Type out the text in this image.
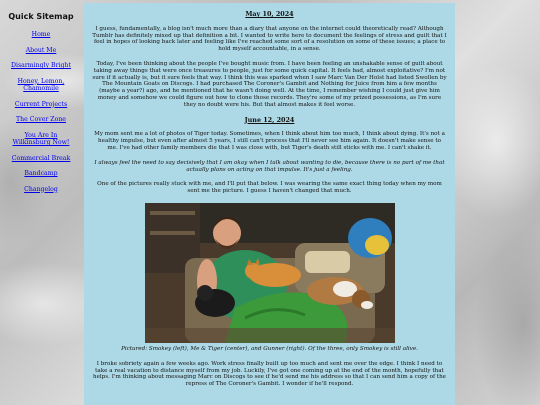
Quick Sitemap
Home
About Me
Disarmingly Bright
Honey, Lemon, Chamomile
Current Projects
The Cover Zone
You Are In Wilkinsburg Now!
Commercial Break
Bandcamp
Changelog
May 10, 2024

I guess, fundamentally, a blog isn't much more than a diary that anyone on the internet could theoretically read? Although Tumblr has definitely mixed up that definition a bit. I wanted to write here to document the feelings of stress and guilt that I feel in hopes of looking back later and feeling like I've reached some sort of a resolution on some of these issues; a place to hold myself accountable, in a sense.

Today, I've been thinking about the people I've bought music from. I have been feeling an unshakable sense of guilt about taking away things that were once treasures to people, just for some quick capital. It feels bad, almost exploitative? I'm not sure if it actually is, but it sure feels that way. I think this was sparked when I saw Marc Van Der Holst had listed Swollen by The Mountain Goats on Discogs. I had purchased The Coroner's Gambit and Nothing for Juice from him a few months (maybe a year?) ago, and he mentioned that he wasn't doing well. At the time, I remember wishing I could just give him money and somehow we could figure out how to clone those records. They're some of my prized possessions, as I'm sure they no doubt were his. But that almost makes it feel worse.

June 12, 2024

My mom sent me a lot of photos of Tiger today. Sometimes, when I think about him too much, I think about dying. It's not a healthy impulse, but even after almost 5 years, I still can't process that I'll never see him again. It doesn't make sense to me. I've had other family members die that I was close with, but Tiger's death still sticks with me. I can't shake it.

I always feel the need to say decisively that I am okay when I talk about wanting to die, because there is no part of me that actually plans on acting on that impulse. It's just a feeling.

One of the pictures really stuck with me, and I'll put that below. I was wearing the same exact thing today when my mom sent me the picture. I guess I haven't changed that much.

Pictured: Smokey (left), Me & Tiger (center), and Gunner (right). Of the three, only Smokey is still alive.

I broke sobriety again a few weeks ago. Work stress finally built up too much and sent me over the edge. I think I need to take a real vacation to distance myself from my job. Luckily, I've got one coming up at the end of the month, hopefully that helps. I'm thinking about messaging Marc on Discogs to see if he'd send me his address so that I can send him a copy of the repress of The Coroner's Gambit. I wonder if he'll respond.
